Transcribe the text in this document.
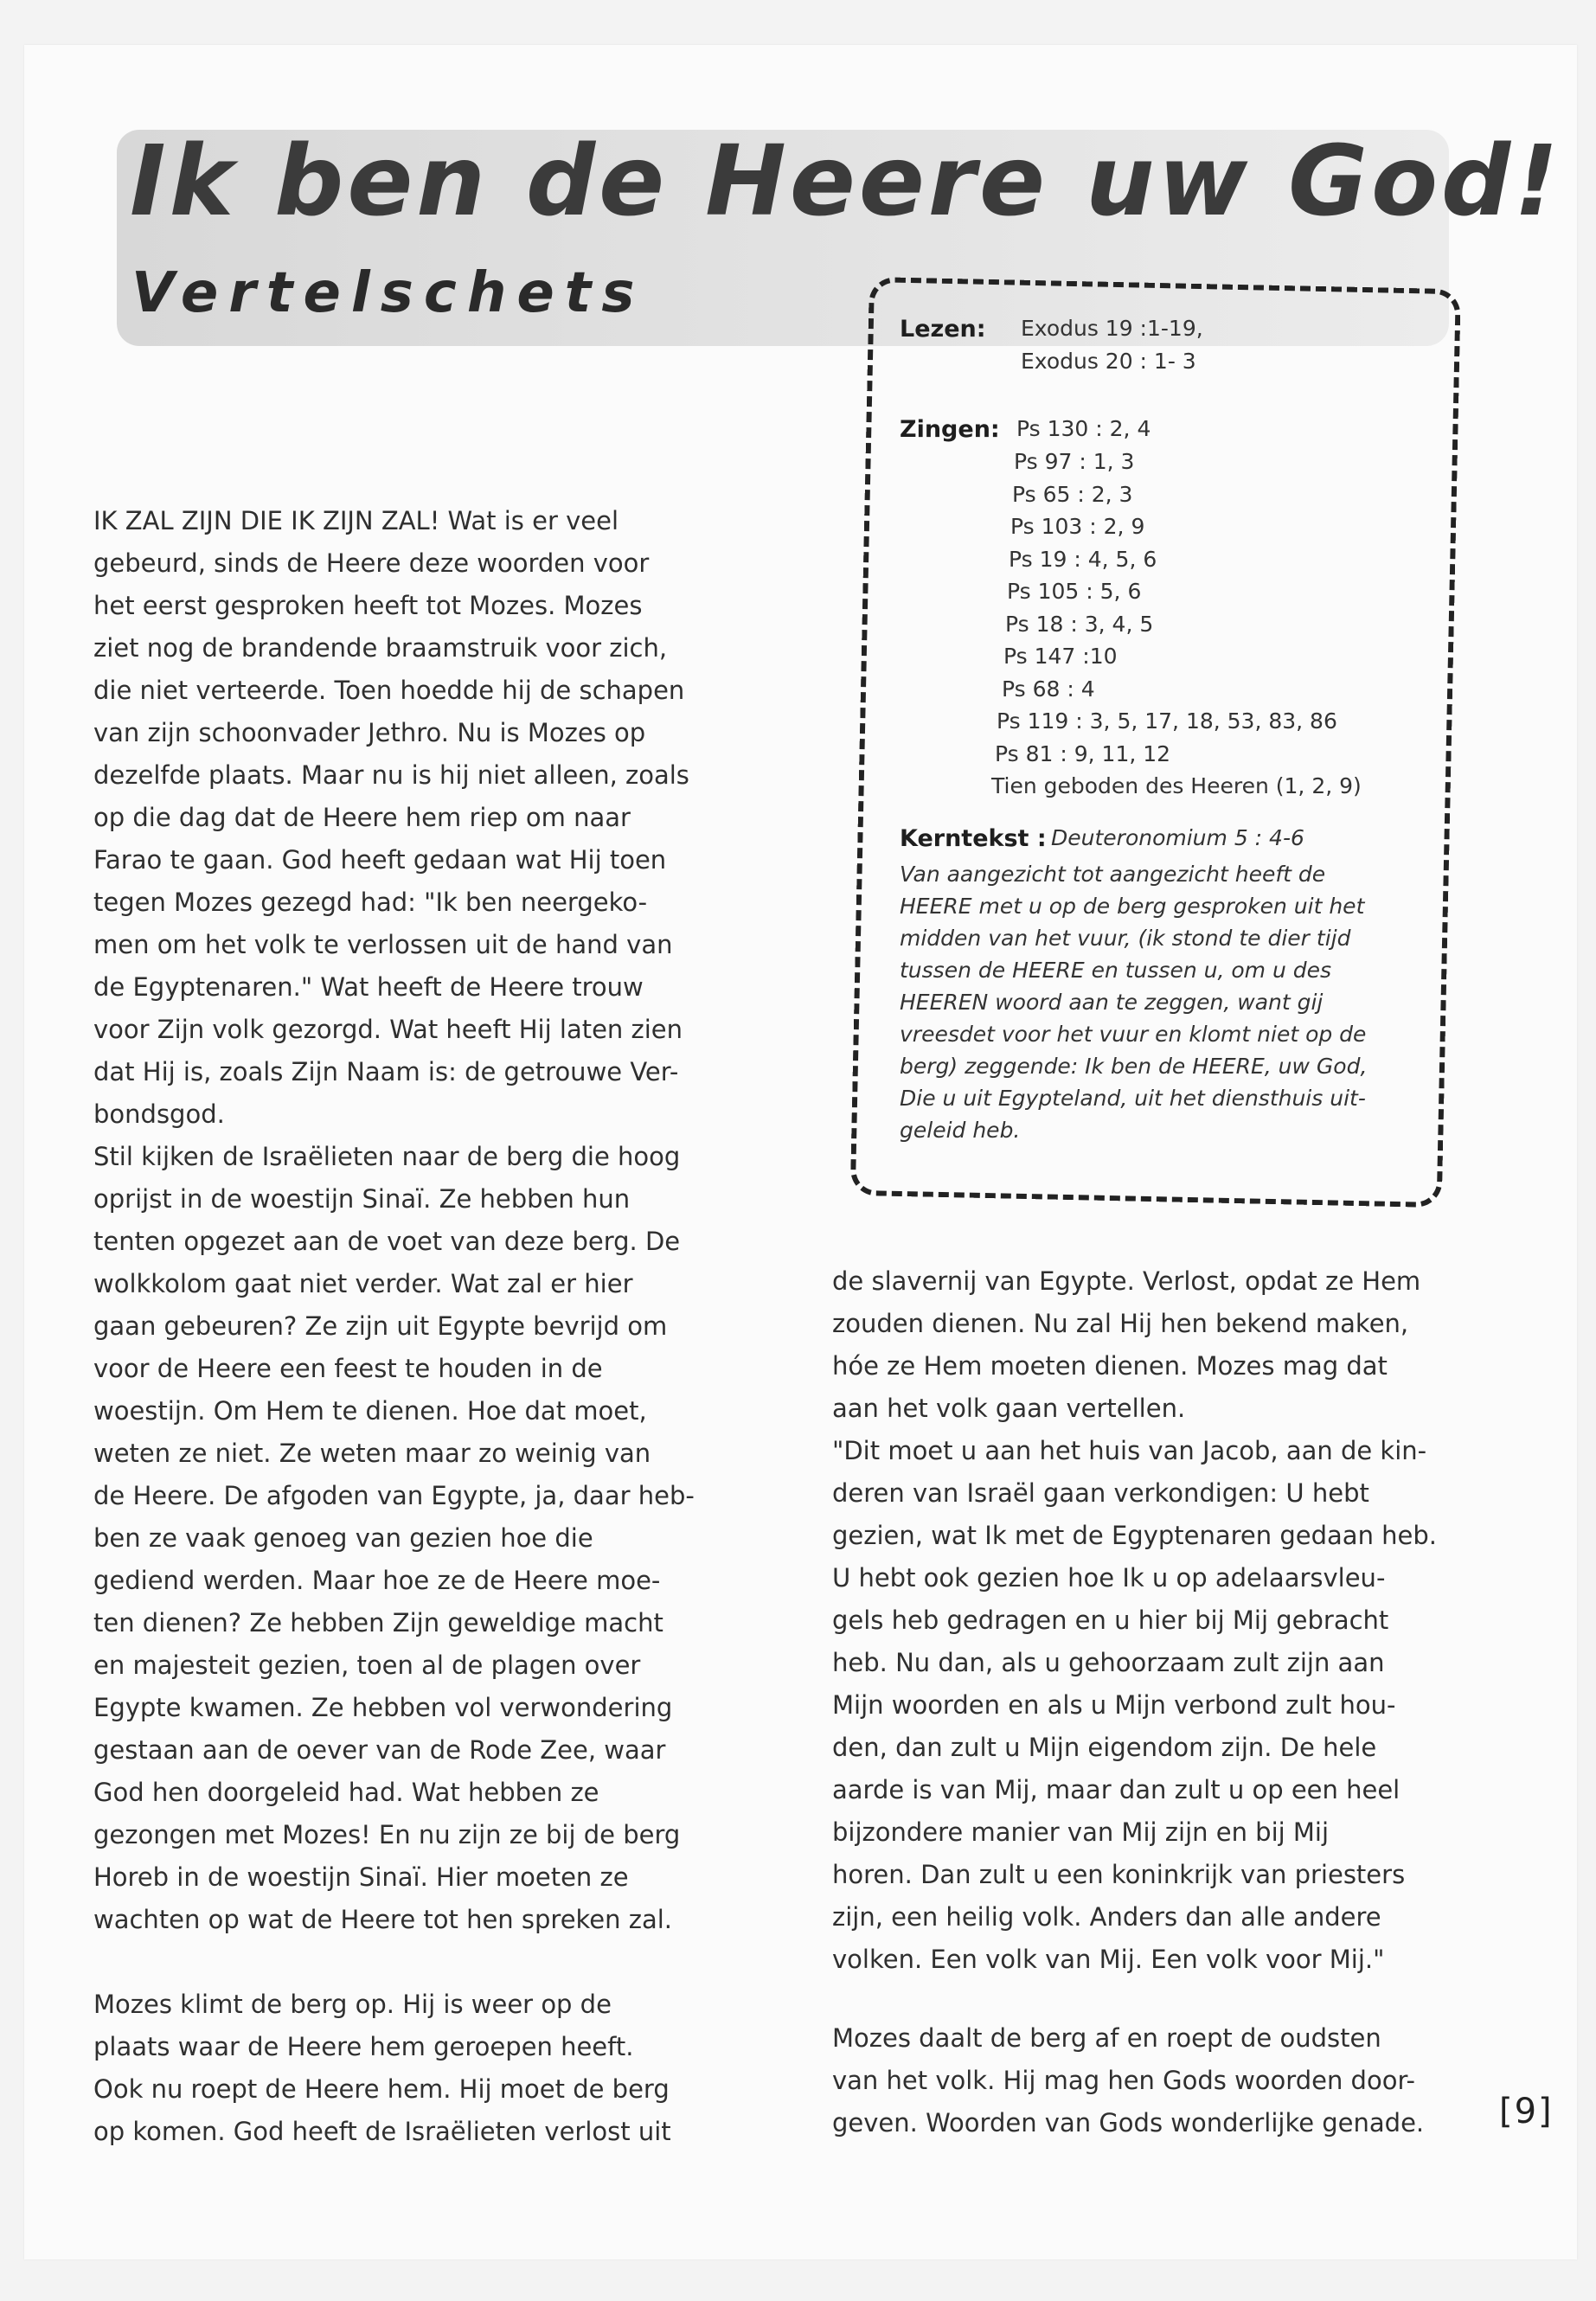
Ik ben de Heere uw God!
Vertelschets
Lezen: Exodus 19 :1-19,
Exodus 20 : 1- 3
Zingen: Ps 130 : 2, 4
Ps 97 : 1, 3
Ps 65 : 2, 3
Ps 103 : 2, 9
Ps 19 : 4, 5, 6
Ps 105 : 5, 6
Ps 18 : 3, 4, 5
Ps 147 :10
Ps 68 : 4
Ps 119 : 3, 5, 17, 18, 53, 83, 86
Ps 81 : 9, 11, 12
Tien geboden des Heeren (1, 2, 9)
Kerntekst : Deuteronomium 5 : 4-6

Van aangezicht tot aangezicht heeft de

HEERE met u op de berg gesproken uit het

midden van het vuur, (ik stond te dier tijd

tussen de HEERE en tussen u, om u des

HEEREN woord aan te zeggen, want gij

vreesdet voor het vuur en klomt niet op de

berg) zeggende: Ik ben de HEERE, uw God,

Die u uit Egypteland, uit het diensthuis uit-

geleid heb.

IK ZAL ZIJN DIE IK ZIJN ZAL! Wat is er veel

gebeurd, sinds de Heere deze woorden voor

het eerst gesproken heeft tot Mozes. Mozes

ziet nog de brandende braamstruik voor zich,

die niet verteerde. Toen hoedde hij de schapen

van zijn schoonvader Jethro. Nu is Mozes op

dezelfde plaats. Maar nu is hij niet alleen, zoals

op die dag dat de Heere hem riep om naar

Farao te gaan. God heeft gedaan wat Hij toen

tegen Mozes gezegd had: "Ik ben neergeko-

men om het volk te verlossen uit de hand van

de Egyptenaren." Wat heeft de Heere trouw

voor Zijn volk gezorgd. Wat heeft Hij laten zien

dat Hij is, zoals Zijn Naam is: de getrouwe Ver-

bondsgod.

Stil kijken de Israëlieten naar de berg die hoog

oprijst in de woestijn Sinaï. Ze hebben hun

tenten opgezet aan de voet van deze berg. De

wolkkolom gaat niet verder. Wat zal er hier

gaan gebeuren? Ze zijn uit Egypte bevrijd om

voor de Heere een feest te houden in de

woestijn. Om Hem te dienen. Hoe dat moet,

weten ze niet. Ze weten maar zo weinig van

de Heere. De afgoden van Egypte, ja, daar heb-

ben ze vaak genoeg van gezien hoe die

gediend werden. Maar hoe ze de Heere moe-

ten dienen? Ze hebben Zijn geweldige macht

en majesteit gezien, toen al de plagen over

Egypte kwamen. Ze hebben vol verwondering

gestaan aan de oever van de Rode Zee, waar

God hen doorgeleid had. Wat hebben ze

gezongen met Mozes! En nu zijn ze bij de berg

Horeb in de woestijn Sinaï. Hier moeten ze

wachten op wat de Heere tot hen spreken zal.

Mozes klimt de berg op. Hij is weer op de

plaats waar de Heere hem geroepen heeft.

Ook nu roept de Heere hem. Hij moet de berg

op komen. God heeft de Israëlieten verlost uit

de slavernij van Egypte. Verlost, opdat ze Hem

zouden dienen. Nu zal Hij hen bekend maken,

hóe ze Hem moeten dienen. Mozes mag dat

aan het volk gaan vertellen.

"Dit moet u aan het huis van Jacob, aan de kin-

deren van Israël gaan verkondigen: U hebt

gezien, wat Ik met de Egyptenaren gedaan heb.

U hebt ook gezien hoe Ik u op adelaarsvleu-

gels heb gedragen en u hier bij Mij gebracht

heb. Nu dan, als u gehoorzaam zult zijn aan

Mijn woorden en als u Mijn verbond zult hou-

den, dan zult u Mijn eigendom zijn. De hele

aarde is van Mij, maar dan zult u op een heel

bijzondere manier van Mij zijn en bij Mij

horen. Dan zult u een koninkrijk van priesters

zijn, een heilig volk. Anders dan alle andere

volken. Een volk van Mij. Een volk voor Mij."

Mozes daalt de berg af en roept de oudsten

van het volk. Hij mag hen Gods woorden door-

geven. Woorden van Gods wonderlijke genade.	[9]
